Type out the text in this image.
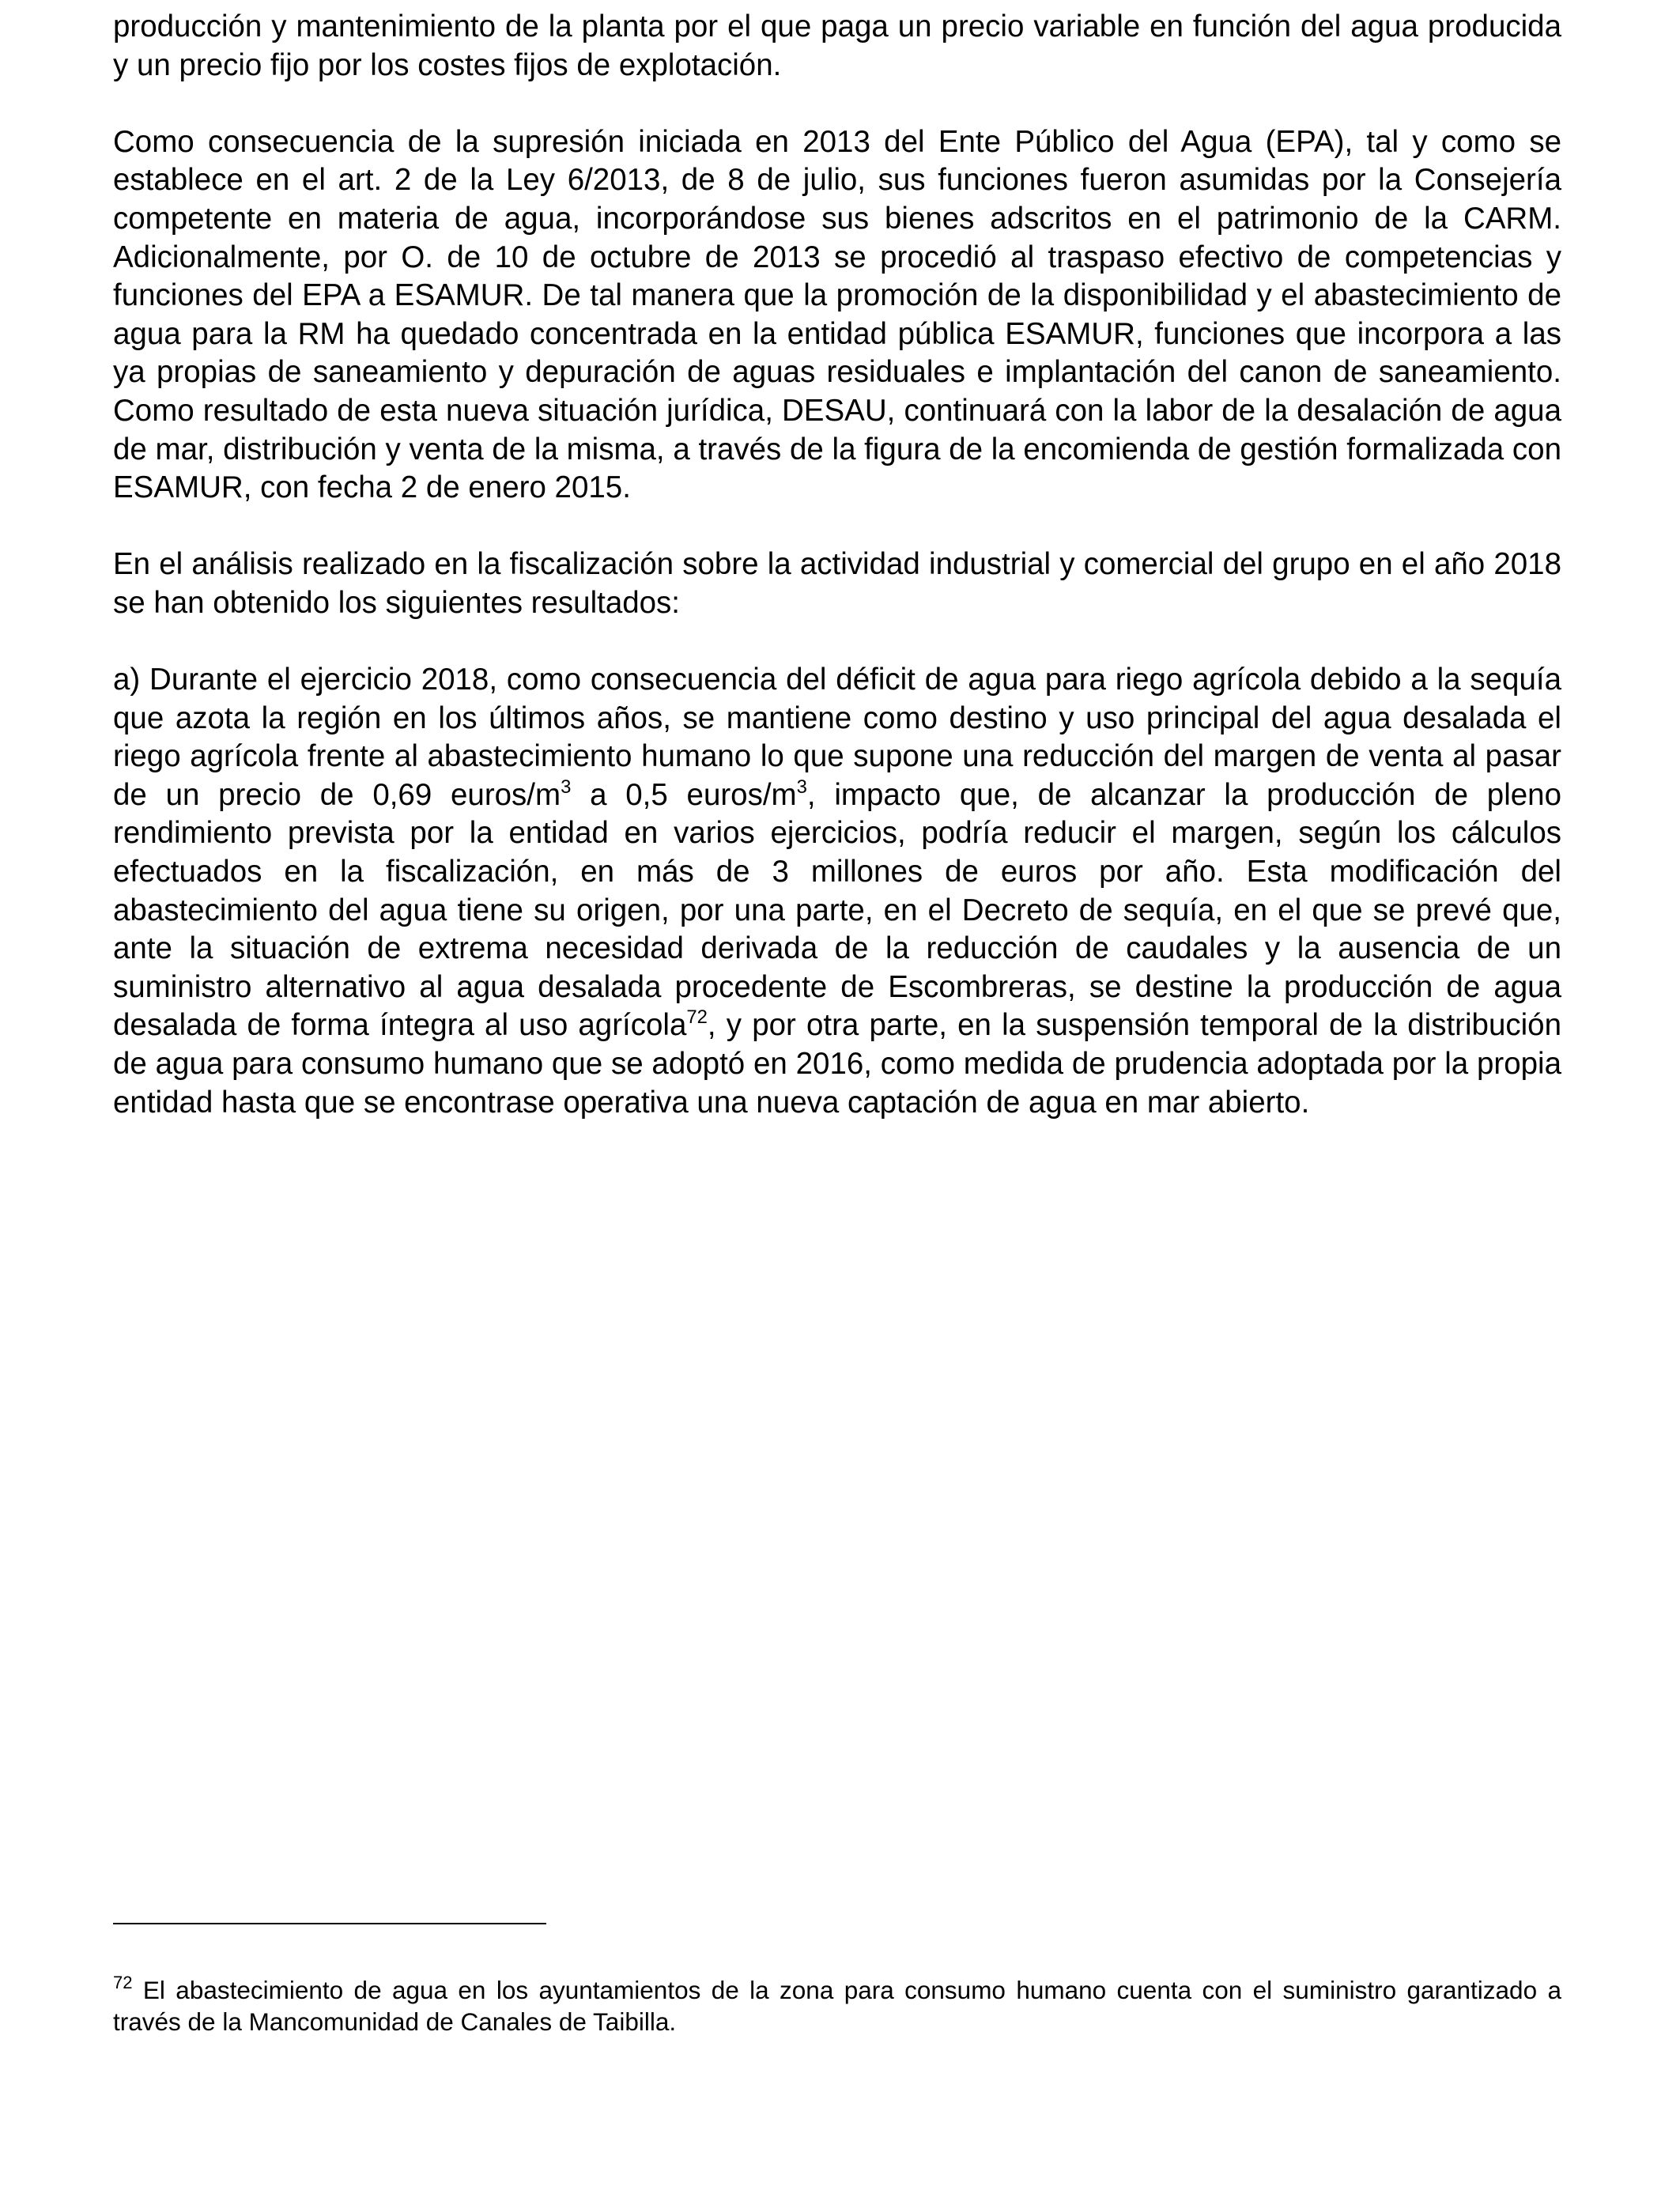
producción y mantenimiento de la planta por el que paga un precio variable en función del agua producida y un precio fijo por los costes fijos de explotación.

Como consecuencia de la supresión iniciada en 2013 del Ente Público del Agua (EPA), tal y como se establece en el art. 2 de la Ley 6/2013, de 8 de julio, sus funciones fueron asumidas por la Consejería competente en materia de agua, incorporándose sus bienes adscritos en el patrimonio de la CARM. Adicionalmente, por O. de 10 de octubre de 2013 se procedió al traspaso efectivo de competencias y funciones del EPA a ESAMUR. De tal manera que la promoción de la disponibilidad y el abastecimiento de agua para la RM ha quedado concentrada en la entidad pública ESAMUR, funciones que incorpora a las ya propias de saneamiento y depuración de aguas residuales e implantación del canon de saneamiento. Como resultado de esta nueva situación jurídica, DESAU, continuará con la labor de la desalación de agua de mar, distribución y venta de la misma, a través de la figura de la encomienda de gestión formalizada con ESAMUR, con fecha 2 de enero 2015.

En el análisis realizado en la fiscalización sobre la actividad industrial y comercial del grupo en el año 2018 se han obtenido los siguientes resultados:

a) Durante el ejercicio 2018, como consecuencia del déficit de agua para riego agrícola debido a la sequía que azota la región en los últimos años, se mantiene como destino y uso principal del agua desalada el riego agrícola frente al abastecimiento humano lo que supone una reducción del margen de venta al pasar de un precio de 0,69 euros/$m^3$ a 0,5 euros/$m^3$, impacto que, de alcanzar la producción de pleno rendimiento prevista por la entidad en varios ejercicios, podría reducir el margen, según los cálculos efectuados en la fiscalización, en más de 3 millones de euros por año. Esta modificación del abastecimiento del agua tiene su origen, por una parte, en el Decreto de sequía, en el que se prevé que, ante la situación de extrema necesidad derivada de la reducción de caudales y la ausencia de un suministro alternativo al agua desalada procedente de Escombreras, se destine la producción de agua desalada de forma íntegra al uso agrícola$^{72}$, y por otra parte, en la suspensión temporal de la distribución de agua para consumo humano que se adoptó en 2016, como medida de prudencia adoptada por la propia entidad hasta que se encontrase operativa una nueva captación de agua en mar abierto.

$^{72}$ El abastecimiento de agua en los ayuntamientos de la zona para consumo humano cuenta con el suministro garantizado a través de la Mancomunidad de Canales de Taibilla.
